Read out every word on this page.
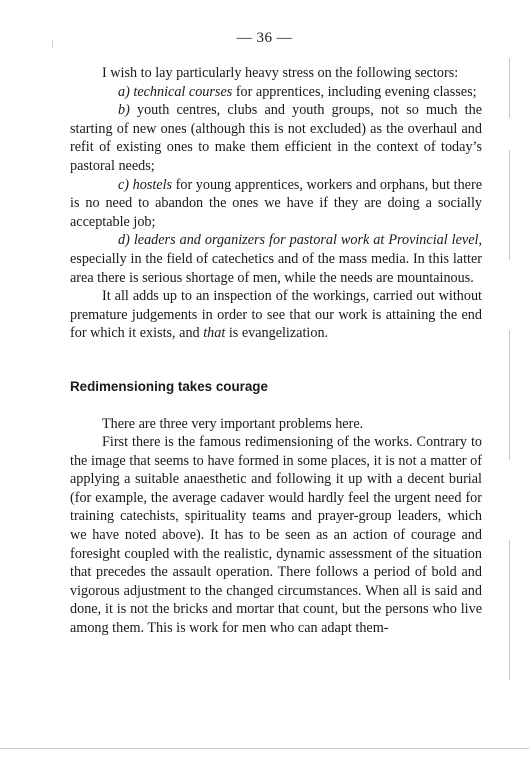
— 36 —

I wish to lay particularly heavy stress on the following sectors:

a) technical courses for apprentices, including evening classes;

b) youth centres, clubs and youth groups, not so much the starting of new ones (although this is not excluded) as the overhaul and refit of existing ones to make them efficient in the context of today’s pastoral needs;

c) hostels for young apprentices, workers and orphans, but there is no need to abandon the ones we have if they are doing a socially acceptable job;

d) leaders and organizers for pastoral work at Provincial level, especially in the field of catechetics and of the mass media. In this latter area there is serious shortage of men, while the needs are mountainous.

It all adds up to an inspection of the workings, carried out without premature judgements in order to see that our work is attaining the end for which it exists, and that is evangelization.

Redimensioning takes courage

There are three very important problems here.

First there is the famous redimensioning of the works. Contrary to the image that seems to have formed in some places, it is not a matter of applying a suitable anaesthetic and following it up with a decent burial (for example, the average cadaver would hardly feel the urgent need for training catechists, spirituality teams and prayer-group leaders, which we have noted above). It has to be seen as an action of courage and foresight coupled with the realistic, dynamic assessment of the situation that precedes the assault operation. There follows a period of bold and vigorous adjustment to the changed circumstances. When all is said and done, it is not the bricks and mortar that count, but the persons who live among them. This is work for men who can adapt them-
